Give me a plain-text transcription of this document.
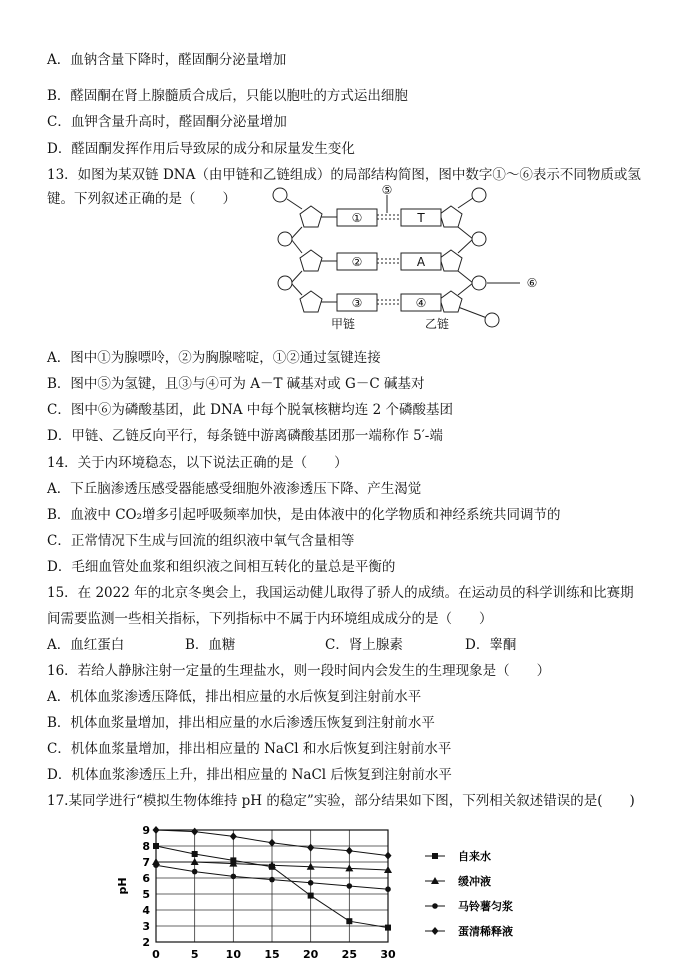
A．血钠含量下降时，醛固酮分泌量增加
B．醛固酮在肾上腺髓质合成后，只能以胞吐的方式运出细胞
C．血钾含量升高时，醛固酮分泌量增加
D．醛固酮发挥作用后导致尿的成分和尿量发生变化
13．如图为某双链 DNA（由甲链和乙链组成）的局部结构简图，图中数字①～⑥表示不同物质或氢
键。下列叙述正确的是（　　）
①
②
③
T
A
④
⑤
⑥
甲链	乙链
A．图中①为腺嘌呤，②为胸腺嘧啶，①②通过氢键连接
B．图中⑤为氢键，且③与④可为 A－T 碱基对或 G－C 碱基对
C．图中⑥为磷酸基团，此 DNA 中每个脱氧核糖均连 2 个磷酸基团
D．甲链、乙链反向平行，每条链中游离磷酸基团那一端称作 5′-端
14．关于内环境稳态，以下说法正确的是（　　）
A．下丘脑渗透压感受器能感受细胞外液渗透压下降、产生渴觉
B．血液中 CO₂增多引起呼吸频率加快，是由体液中的化学物质和神经系统共同调节的
C．正常情况下生成与回流的组织液中氧气含量相等
D．毛细血管处血浆和组织液之间相互转化的量总是平衡的
15．在 2022 年的北京冬奥会上，我国运动健儿取得了骄人的成绩。在运动员的科学训练和比赛期
间需要监测一些相关指标，下列指标中不属于内环境组成成分的是（　　）
A．血红蛋白	B．血糖	C．肾上腺素	D．睾酮
16．若给人静脉注射一定量的生理盐水，则一段时间内会发生的生理现象是（　　）
A．机体血浆渗透压降低，排出相应量的水后恢复到注射前水平
B．机体血浆量增加，排出相应量的水后渗透压恢复到注射前水平
C．机体血浆量增加，排出相应量的 NaCl 和水后恢复到注射前水平
D．机体血浆渗透压上升，排出相应量的 NaCl 后恢复到注射前水平
17.某同学进行“模拟生物体维持 pH 的稳定”实验，部分结果如下图，下列相关叙述错误的是(　　)
2
3
4
5
6
7
8
9
0	5 10 15 20 25 30
pH
自来水
缓冲液
马铃薯匀浆
蛋清稀释液
